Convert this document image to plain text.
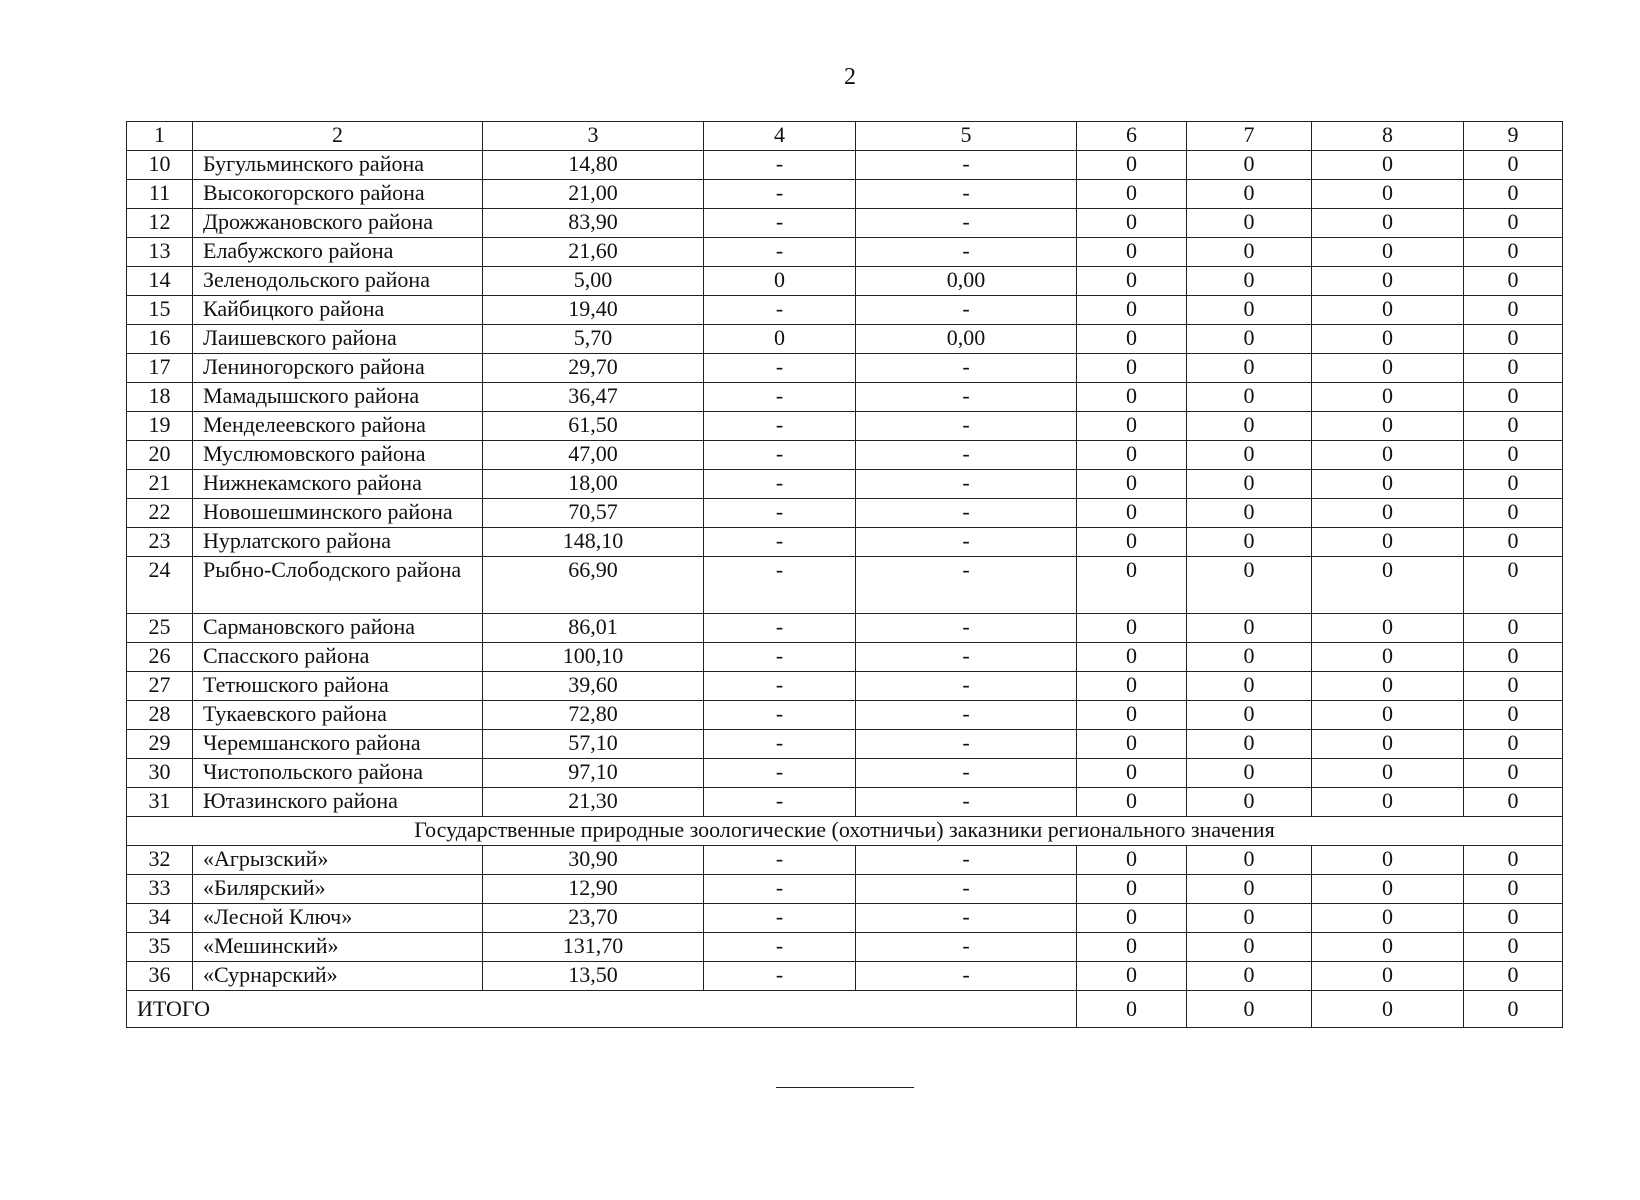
2
1	2	3	4	5	6	7	8	9
10	Бугульминского района	14,80	-	-	0	0	0	0
11	Высокогорского района	21,00	-	-	0	0	0	0
12	Дрожжановского района	83,90	-	-	0	0	0	0
13	Елабужского района	21,60	-	-	0	0	0	0
14	Зеленодольского района	5,00	0	0,00	0	0	0	0
15	Кайбицкого района	19,40	-	-	0	0	0	0
16	Лаишевского района	5,70	0	0,00	0	0	0	0
17	Лениногорского района	29,70	-	-	0	0	0	0
18	Мамадышского района	36,47	-	-	0	0	0	0
19	Менделеевского района	61,50	-	-	0	0	0	0
20	Муслюмовского района	47,00	-	-	0	0	0	0
21	Нижнекамского района	18,00	-	-	0	0	0	0
22	Новошешминского района	70,57	-	-	0	0	0	0
23	Нурлатского района	148,10	-	-	0	0	0	0
24	Рыбно-Слободского района	66,90	-	-	0	0	0	0
25	Сармановского района	86,01	-	-	0	0	0	0
26	Спасского района	100,10	-	-	0	0	0	0
27	Тетюшского района	39,60	-	-	0	0	0	0
28	Тукаевского района	72,80	-	-	0	0	0	0
29	Черемшанского района	57,10	-	-	0	0	0	0
30	Чистопольского района	97,10	-	-	0	0	0	0
31	Ютазинского района	21,30	-	-	0	0	0	0
Государственные природные зоологические (охотничьи) заказники регионального значения								
32	«Агрызский»	30,90	-	-	0	0	0	0
33	«Билярский»	12,90	-	-	0	0	0	0
34	«Лесной Ключ»	23,70	-	-	0	0	0	0
35	«Мешинский»	131,70	-	-	0	0	0	0
36	«Сурнарский»	13,50	-	-	0	0	0	0
ИТОГО					0	0	0	0
